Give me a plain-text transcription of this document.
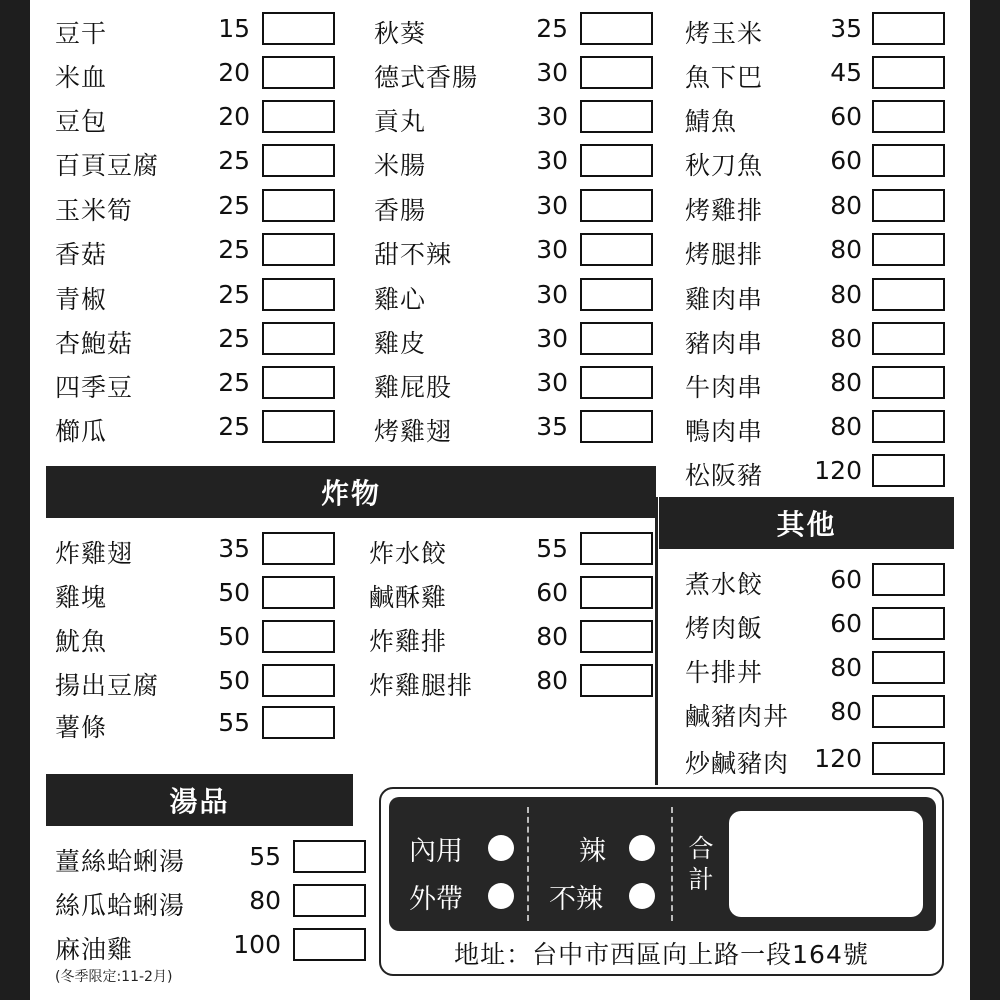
豆干	15
米血	20
豆包	20
百頁豆腐	25
玉米筍	25
香菇	25
青椒	25
杏鮑菇	25
四季豆	25
櫛瓜	25
秋葵	25
德式香腸	30
貢丸	30
米腸	30
香腸	30
甜不辣	30
雞心	30
雞皮	30
雞屁股	30
烤雞翅	35
烤玉米	35
魚下巴	45
鯖魚	60
秋刀魚	60
烤雞排	80
烤腿排	80
雞肉串	80
豬肉串	80
牛肉串	80
鴨肉串	80
松阪豬	120
炸物
炸雞翅	35
雞塊	50
魷魚	50
揚出豆腐	50
薯條	55
炸水餃	55
鹹酥雞	60
炸雞排	80
炸雞腿排	80
其他
煮水餃	60
烤肉飯	60
牛排丼	80
鹹豬肉丼	80
炒鹹豬肉	120
湯品
薑絲蛤蜊湯	55
絲瓜蛤蜊湯	80
麻油雞	100
(冬季限定:11-2月)
內用
外帶
辣
不辣
合
計
地址：台中市西區向上路一段164號
